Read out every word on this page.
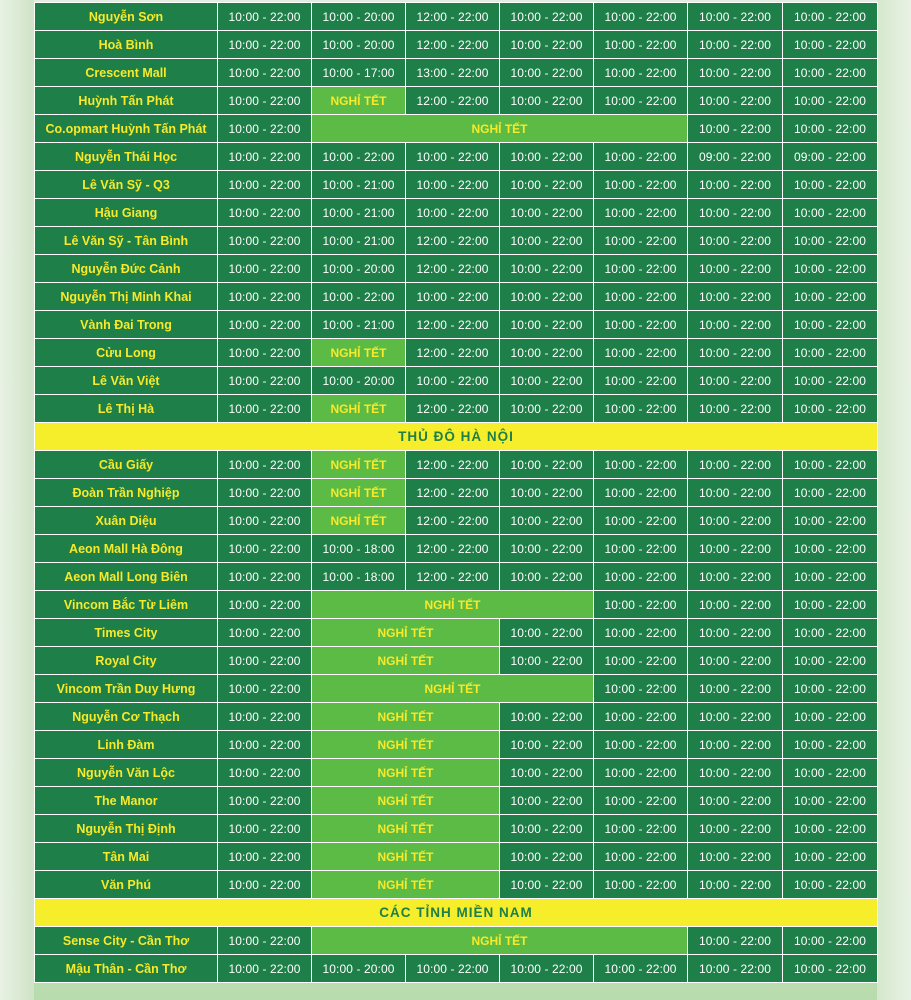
Nguyễn Sơn	10:00 - 22:00	10:00 - 20:00	12:00 - 22:00	10:00 - 22:00	10:00 - 22:00	10:00 - 22:00	10:00 - 22:00
Hoà Bình	10:00 - 22:00	10:00 - 20:00	12:00 - 22:00	10:00 - 22:00	10:00 - 22:00	10:00 - 22:00	10:00 - 22:00
Crescent Mall	10:00 - 22:00	10:00 - 17:00	13:00 - 22:00	10:00 - 22:00	10:00 - 22:00	10:00 - 22:00	10:00 - 22:00
Huỳnh Tấn Phát	10:00 - 22:00	NGHỈ TẾT	12:00 - 22:00	10:00 - 22:00	10:00 - 22:00	10:00 - 22:00	10:00 - 22:00
Co.opmart Huỳnh Tấn Phát	10:00 - 22:00	NGHỈ TẾT				10:00 - 22:00	10:00 - 22:00
Nguyễn Thái Học	10:00 - 22:00	10:00 - 22:00	10:00 - 22:00	10:00 - 22:00	10:00 - 22:00	09:00 - 22:00	09:00 - 22:00
Lê Văn Sỹ - Q3	10:00 - 22:00	10:00 - 21:00	10:00 - 22:00	10:00 - 22:00	10:00 - 22:00	10:00 - 22:00	10:00 - 22:00
Hậu Giang	10:00 - 22:00	10:00 - 21:00	10:00 - 22:00	10:00 - 22:00	10:00 - 22:00	10:00 - 22:00	10:00 - 22:00
Lê Văn Sỹ - Tân Bình	10:00 - 22:00	10:00 - 21:00	12:00 - 22:00	10:00 - 22:00	10:00 - 22:00	10:00 - 22:00	10:00 - 22:00
Nguyễn Đức Cảnh	10:00 - 22:00	10:00 - 20:00	12:00 - 22:00	10:00 - 22:00	10:00 - 22:00	10:00 - 22:00	10:00 - 22:00
Nguyễn Thị Minh Khai	10:00 - 22:00	10:00 - 22:00	10:00 - 22:00	10:00 - 22:00	10:00 - 22:00	10:00 - 22:00	10:00 - 22:00
Vành Đai Trong	10:00 - 22:00	10:00 - 21:00	12:00 - 22:00	10:00 - 22:00	10:00 - 22:00	10:00 - 22:00	10:00 - 22:00
Cửu Long	10:00 - 22:00	NGHỈ TẾT	12:00 - 22:00	10:00 - 22:00	10:00 - 22:00	10:00 - 22:00	10:00 - 22:00
Lê Văn Việt	10:00 - 22:00	10:00 - 20:00	10:00 - 22:00	10:00 - 22:00	10:00 - 22:00	10:00 - 22:00	10:00 - 22:00
Lê Thị Hà	10:00 - 22:00	NGHỈ TẾT	12:00 - 22:00	10:00 - 22:00	10:00 - 22:00	10:00 - 22:00	10:00 - 22:00
THỦ ĐÔ HÀ NỘI							
Cầu Giấy	10:00 - 22:00	NGHỈ TẾT	12:00 - 22:00	10:00 - 22:00	10:00 - 22:00	10:00 - 22:00	10:00 - 22:00
Đoàn Trần Nghiệp	10:00 - 22:00	NGHỈ TẾT	12:00 - 22:00	10:00 - 22:00	10:00 - 22:00	10:00 - 22:00	10:00 - 22:00
Xuân Diệu	10:00 - 22:00	NGHỈ TẾT	12:00 - 22:00	10:00 - 22:00	10:00 - 22:00	10:00 - 22:00	10:00 - 22:00
Aeon Mall Hà Đông	10:00 - 22:00	10:00 - 18:00	12:00 - 22:00	10:00 - 22:00	10:00 - 22:00	10:00 - 22:00	10:00 - 22:00
Aeon Mall Long Biên	10:00 - 22:00	10:00 - 18:00	12:00 - 22:00	10:00 - 22:00	10:00 - 22:00	10:00 - 22:00	10:00 - 22:00
Vincom Bắc Từ Liêm	10:00 - 22:00	NGHỈ TẾT			10:00 - 22:00	10:00 - 22:00	10:00 - 22:00
Times City	10:00 - 22:00	NGHỈ TẾT		10:00 - 22:00	10:00 - 22:00	10:00 - 22:00	10:00 - 22:00
Royal City	10:00 - 22:00	NGHỈ TẾT		10:00 - 22:00	10:00 - 22:00	10:00 - 22:00	10:00 - 22:00
Vincom Trần Duy Hưng	10:00 - 22:00	NGHỈ TẾT			10:00 - 22:00	10:00 - 22:00	10:00 - 22:00
Nguyễn Cơ Thạch	10:00 - 22:00	NGHỈ TẾT		10:00 - 22:00	10:00 - 22:00	10:00 - 22:00	10:00 - 22:00
Linh Đàm	10:00 - 22:00	NGHỈ TẾT		10:00 - 22:00	10:00 - 22:00	10:00 - 22:00	10:00 - 22:00
Nguyễn Văn Lộc	10:00 - 22:00	NGHỈ TẾT		10:00 - 22:00	10:00 - 22:00	10:00 - 22:00	10:00 - 22:00
The Manor	10:00 - 22:00	NGHỈ TẾT		10:00 - 22:00	10:00 - 22:00	10:00 - 22:00	10:00 - 22:00
Nguyễn Thị Định	10:00 - 22:00	NGHỈ TẾT		10:00 - 22:00	10:00 - 22:00	10:00 - 22:00	10:00 - 22:00
Tân Mai	10:00 - 22:00	NGHỈ TẾT		10:00 - 22:00	10:00 - 22:00	10:00 - 22:00	10:00 - 22:00
Văn Phú	10:00 - 22:00	NGHỈ TẾT		10:00 - 22:00	10:00 - 22:00	10:00 - 22:00	10:00 - 22:00
CÁC TỈNH MIỀN NAM							
Sense City - Cần Thơ	10:00 - 22:00	NGHỈ TẾT				10:00 - 22:00	10:00 - 22:00
Mậu Thân - Cần Thơ	10:00 - 22:00	10:00 - 20:00	10:00 - 22:00	10:00 - 22:00	10:00 - 22:00	10:00 - 22:00	10:00 - 22:00
